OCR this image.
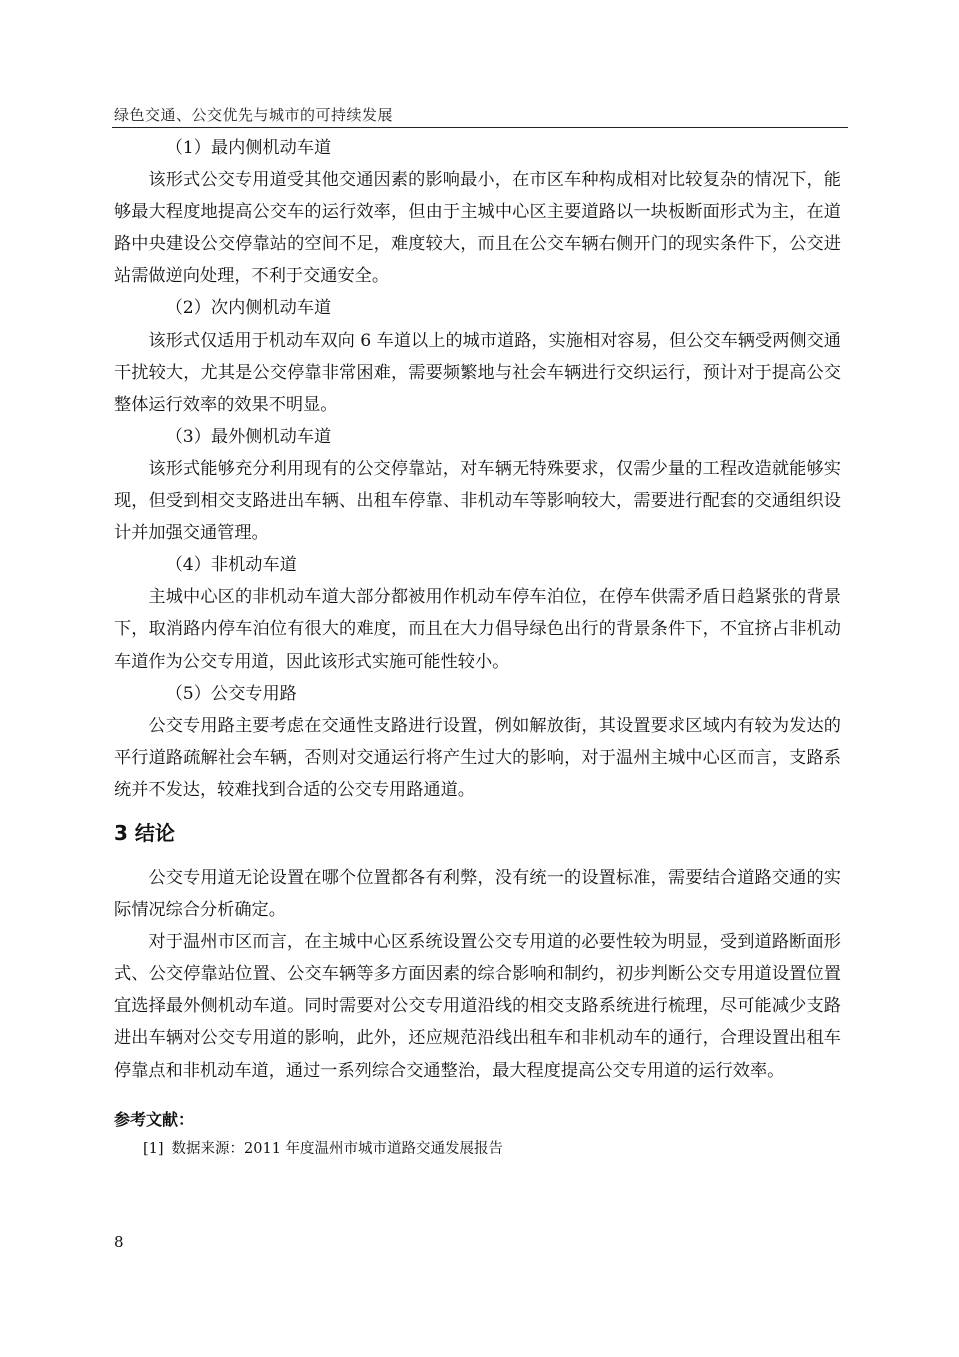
绿色交通、公交优先与城市的可持续发展

（1）最内侧机动车道

该形式公交专用道受其他交通因素的影响最小，在市区车种构成相对比较复杂的情况下，能够最大程度地提高公交车的运行效率，但由于主城中心区主要道路以一块板断面形式为主，在道路中央建设公交停靠站的空间不足，难度较大，而且在公交车辆右侧开门的现实条件下，公交进站需做逆向处理，不利于交通安全。

（2）次内侧机动车道

该形式仅适用于机动车双向 6 车道以上的城市道路，实施相对容易，但公交车辆受两侧交通干扰较大，尤其是公交停靠非常困难，需要频繁地与社会车辆进行交织运行，预计对于提高公交整体运行效率的效果不明显。

（3）最外侧机动车道

该形式能够充分利用现有的公交停靠站，对车辆无特殊要求，仅需少量的工程改造就能够实现，但受到相交支路进出车辆、出租车停靠、非机动车等影响较大，需要进行配套的交通组织设计并加强交通管理。

（4）非机动车道

主城中心区的非机动车道大部分都被用作机动车停车泊位，在停车供需矛盾日趋紧张的背景下，取消路内停车泊位有很大的难度，而且在大力倡导绿色出行的背景条件下，不宜挤占非机动车道作为公交专用道，因此该形式实施可能性较小。

（5）公交专用路

公交专用路主要考虑在交通性支路进行设置，例如解放街，其设置要求区域内有较为发达的平行道路疏解社会车辆，否则对交通运行将产生过大的影响，对于温州主城中心区而言，支路系统并不发达，较难找到合适的公交专用路通道。

3 结论

公交专用道无论设置在哪个位置都各有利弊，没有统一的设置标准，需要结合道路交通的实际情况综合分析确定。

对于温州市区而言，在主城中心区系统设置公交专用道的必要性较为明显，受到道路断面形式、公交停靠站位置、公交车辆等多方面因素的综合影响和制约，初步判断公交专用道设置位置宜选择最外侧机动车道。同时需要对公交专用道沿线的相交支路系统进行梳理，尽可能减少支路进出车辆对公交专用道的影响，此外，还应规范沿线出租车和非机动车的通行，合理设置出租车停靠点和非机动车道，通过一系列综合交通整治，最大程度提高公交专用道的运行效率。

参考文献：

[1] 数据来源：2011 年度温州市城市道路交通发展报告

8
